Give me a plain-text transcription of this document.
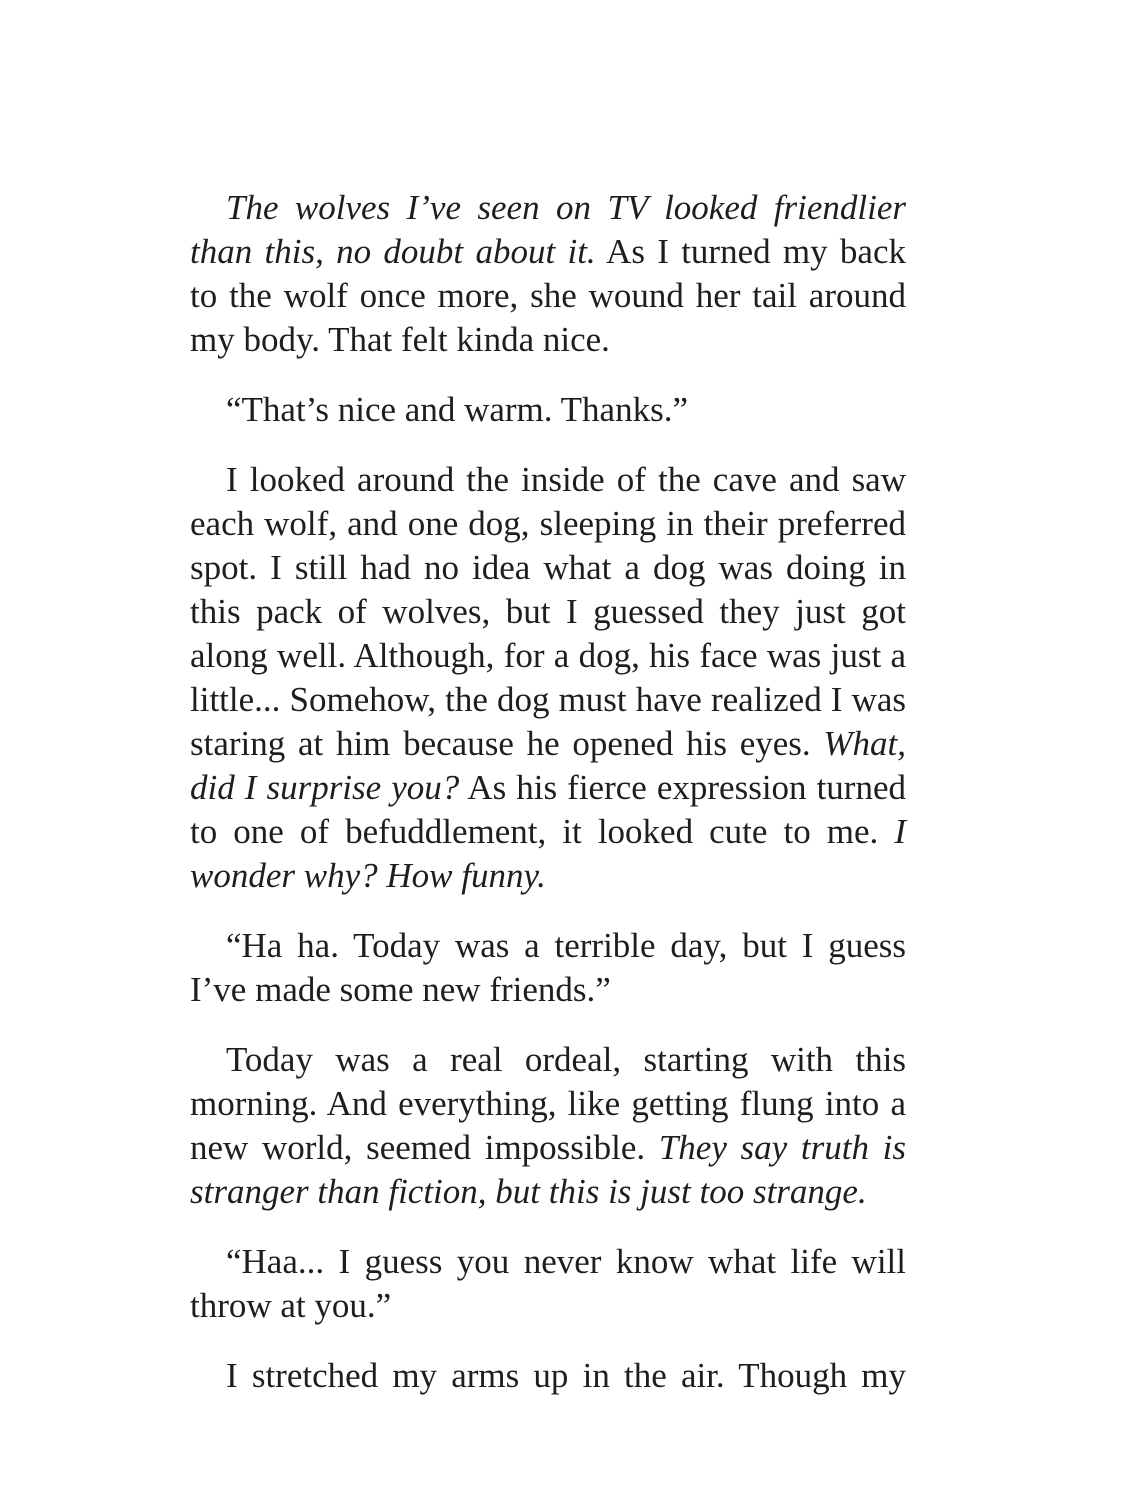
The wolves I’ve seen on TV looked friendlier than this, no doubt about it. As I turned my back to the wolf once more, she wound her tail around my body. That felt kinda nice.

“That’s nice and warm. Thanks.”

I looked around the inside of the cave and saw each wolf, and one dog, sleeping in their preferred spot. I still had no idea what a dog was doing in this pack of wolves, but I guessed they just got along well. Although, for a dog, his face was just a little... Somehow, the dog must have realized I was staring at him because he opened his eyes. What, did I surprise you? As his fierce expression turned to one of befuddlement, it looked cute to me. I wonder why? How funny.

“Ha ha. Today was a terrible day, but I guess I’ve made some new friends.”

Today was a real ordeal, starting with this morning. And everything, like getting flung into a new world, seemed impossible. They say truth is stranger than fiction, but this is just too strange.

“Haa... I guess you never know what life will throw at you.”

I stretched my arms up in the air. Though my
